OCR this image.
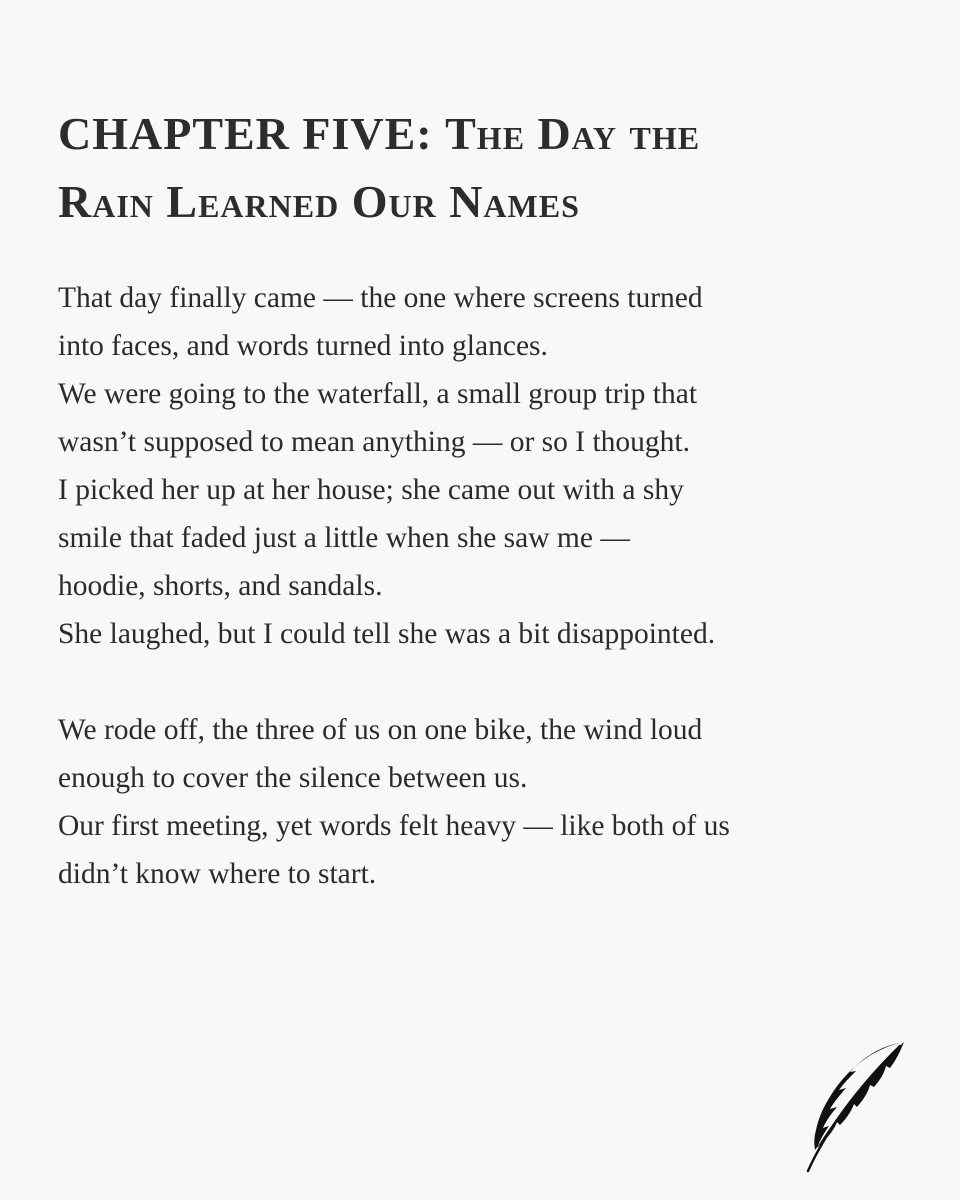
CHAPTER FIVE: The Day the
Rain Learned Our Names

That day finally came — the one where screens turned
into faces, and words turned into glances.
We were going to the waterfall, a small group trip that
wasn’t supposed to mean anything — or so I thought.
I picked her up at her house; she came out with a shy
smile that faded just a little when she saw me —
hoodie, shorts, and sandals.
She laughed, but I could tell she was a bit disappointed.

We rode off, the three of us on one bike, the wind loud
enough to cover the silence between us.
Our first meeting, yet words felt heavy — like both of us
didn’t know where to start.
